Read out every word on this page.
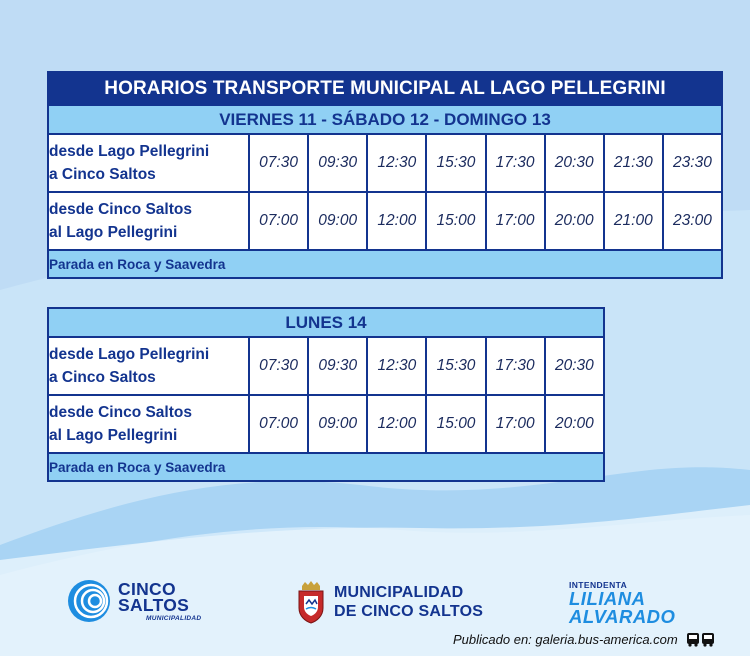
HORARIOS TRANSPORTE MUNICIPAL AL LAGO PELLEGRINI								
VIERNES 11 - SÁBADO 12 - DOMINGO 13								
desde Lago Pellegrini
a Cinco Saltos	07:30	09:30	12:30	15:30	17:30	20:30	21:30	23:30
desde Cinco Saltos
al Lago Pellegrini	07:00	09:00	12:00	15:00	17:00	20:00	21:00	23:00
Parada en Roca y Saavedra								
LUNES 14						
desde Lago Pellegrini
a Cinco Saltos	07:30	09:30	12:30	15:30	17:30	20:30
desde Cinco Saltos
al Lago Pellegrini	07:00	09:00	12:00	15:00	17:00	20:00
Parada en Roca y Saavedra						
CINCO
SALTOS
MUNICIPALIDAD
MUNICIPALIDAD
DE CINCO SALTOS
INTENDENTA
LILIANA
ALVARADO
Publicado en: galeria.bus-america.com
